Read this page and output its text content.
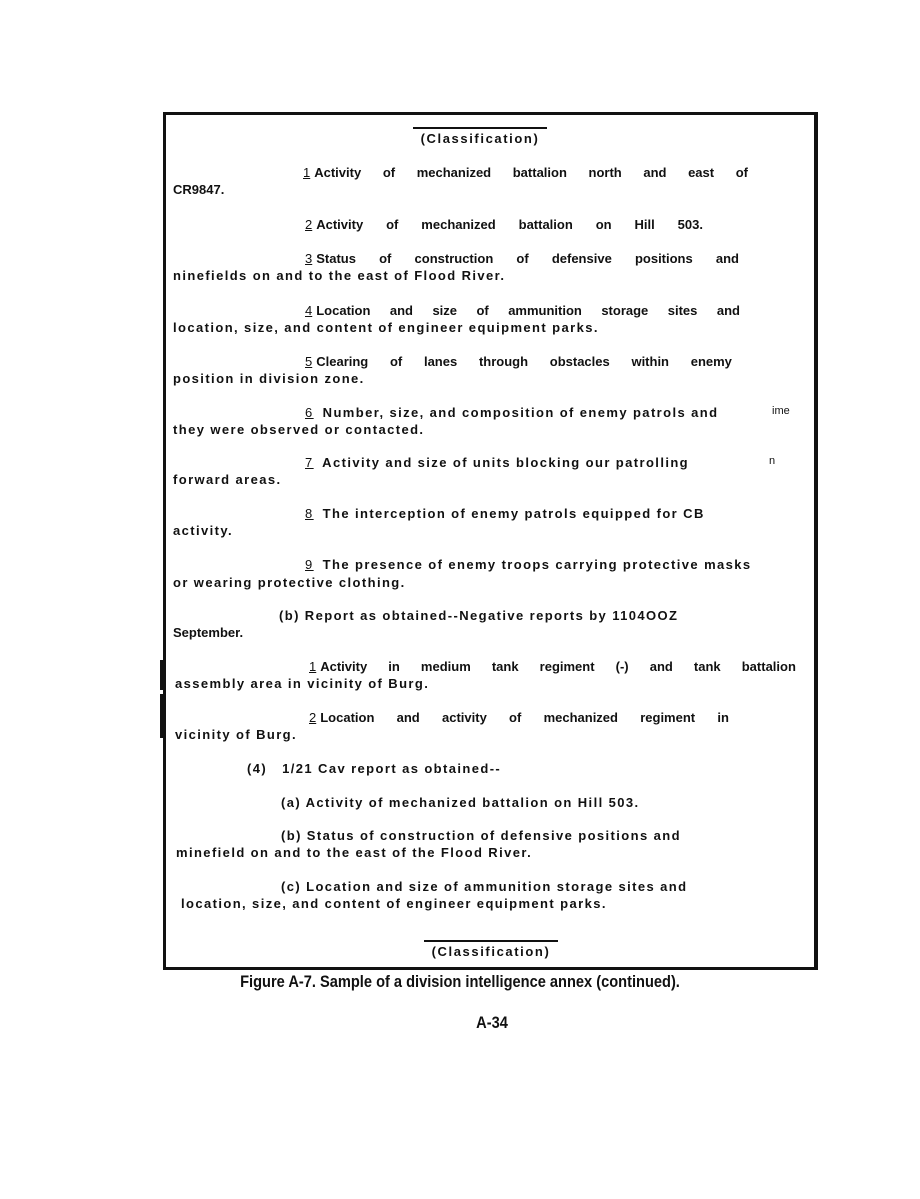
(Classification)
1 Activity of mechanized battalion north and east of
CR9847.
2 Activity of mechanized battalion on Hill 503.
3 Status of construction of defensive positions and
ninefields on and to the east of Flood River.
4 Location and size of ammunition storage sites and
location, size, and content of engineer equipment parks.
5 Clearing of lanes through obstacles within enemy
position in division zone.
6 Number, size, and composition of enemy patrols and	ime
they were observed or contacted.
7 Activity and size of units blocking our patrolling	n
forward areas.
8 The interception of enemy patrols equipped for CB
activity.
9 The presence of enemy troops carrying protective masks
or wearing protective clothing.
(b) Report as obtained--Negative reports by 1104OOZ
September.
1 Activity in medium tank regiment (-) and tank battalion
assembly area in vicinity of Burg.
2 Location and activity of mechanized regiment in
vicinity of Burg.
(4)   1/21 Cav report as obtained--
(a) Activity of mechanized battalion on Hill 503.
(b) Status of construction of defensive positions and
minefield on and to the east of the Flood River.
(c) Location and size of ammunition storage sites and
location, size, and content of engineer equipment parks.
(Classification)
Figure A-7. Sample of a division intelligence annex (continued).
A-34
